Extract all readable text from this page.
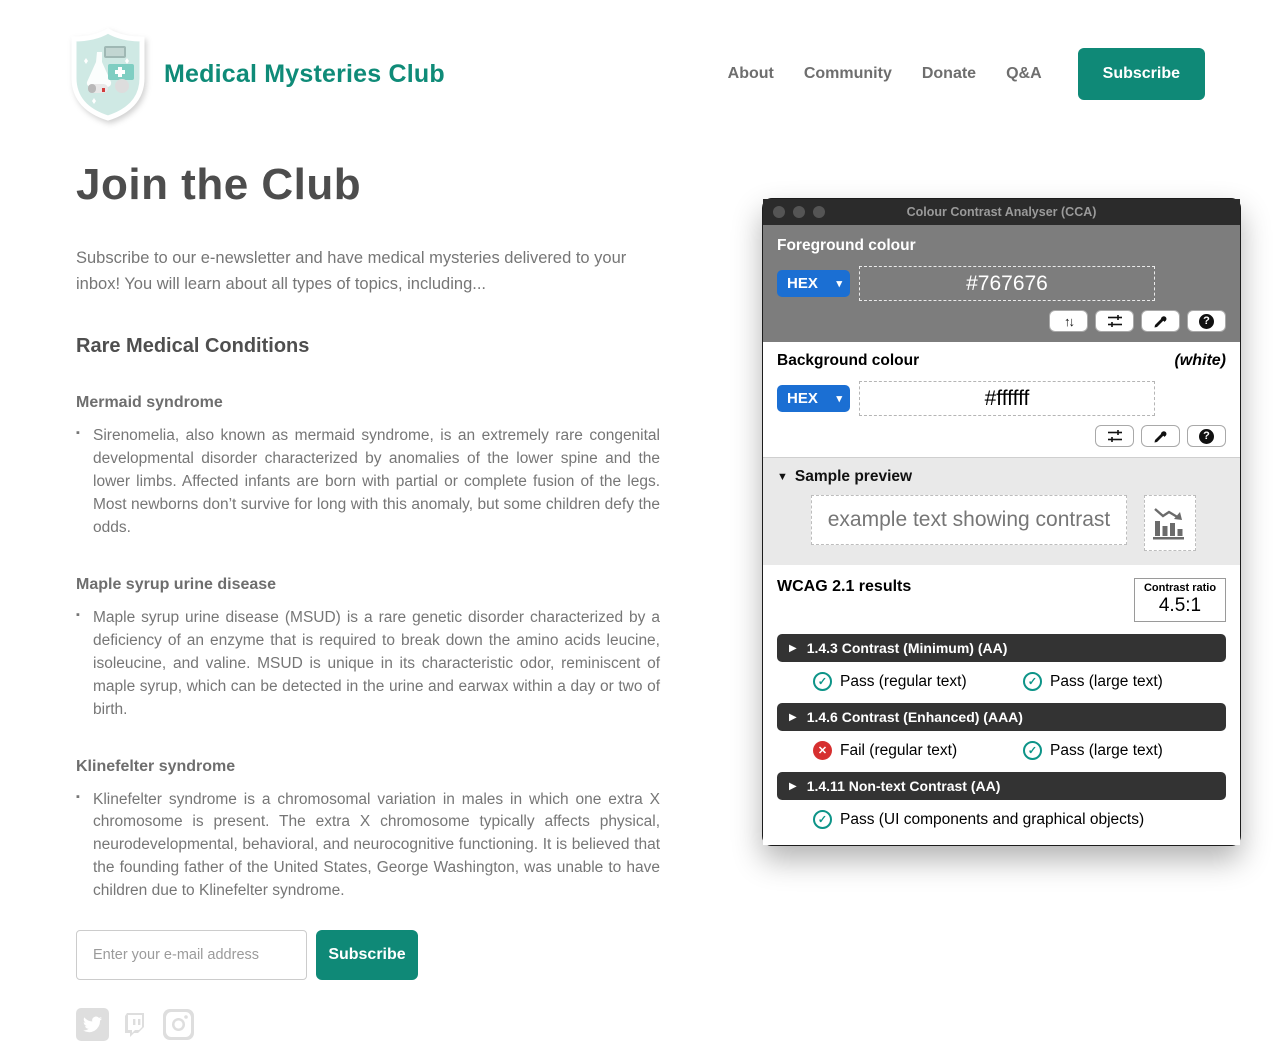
Medical Mysteries Club	About Community Donate Q&A	Subscribe
Join the Club

Subscribe to our e-newsletter and have medical mysteries delivered to your inbox! You will learn about all types of topics, including...

Rare Medical Conditions
Mermaid syndrome
▪ Sirenomelia, also known as mermaid syndrome, is an extremely rare congenital developmental disorder characterized by anomalies of the lower spine and the lower limbs. Affected infants are born with partial or complete fusion of the legs. Most newborns don’t survive for long with this anomaly, but some children defy the odds.
Maple syrup urine disease
▪ Maple syrup urine disease (MSUD) is a rare genetic disorder characterized by a deficiency of an enzyme that is required to break down the amino acids leucine, isoleucine, and valine. MSUD is unique in its characteristic odor, reminiscent of maple syrup, which can be detected in the urine and earwax within a day or two of birth.
Klinefelter syndrome
▪ Klinefelter syndrome is a chromosomal variation in males in which one extra X chromosome is present. The extra X chromosome typically affects physical, neurodevelopmental, behavioral, and neurocognitive functioning. It is believed that the founding father of the United States, George Washington, was unable to have children due to Klinefelter syndrome.
Enter your e-mail address
Subscribe
Colour Contrast Analyser (CCA)
Foreground colour
HEX ▾	#767676
↑↓	?
Background colour	(white)
HEX ▾	#ffffff
?
▼ Sample preview
example text showing contrast
WCAG 2.1 results	Contrast ratio
4.5:1
▶ 1.4.3 Contrast (Minimum) (AA)
✓ Pass (regular text)	✓ Pass (large text)
▶ 1.4.6 Contrast (Enhanced) (AAA)
✕ Fail (regular text)	✓ Pass (large text)
▶ 1.4.11 Non-text Contrast (AA)
✓ Pass (UI components and graphical objects)
